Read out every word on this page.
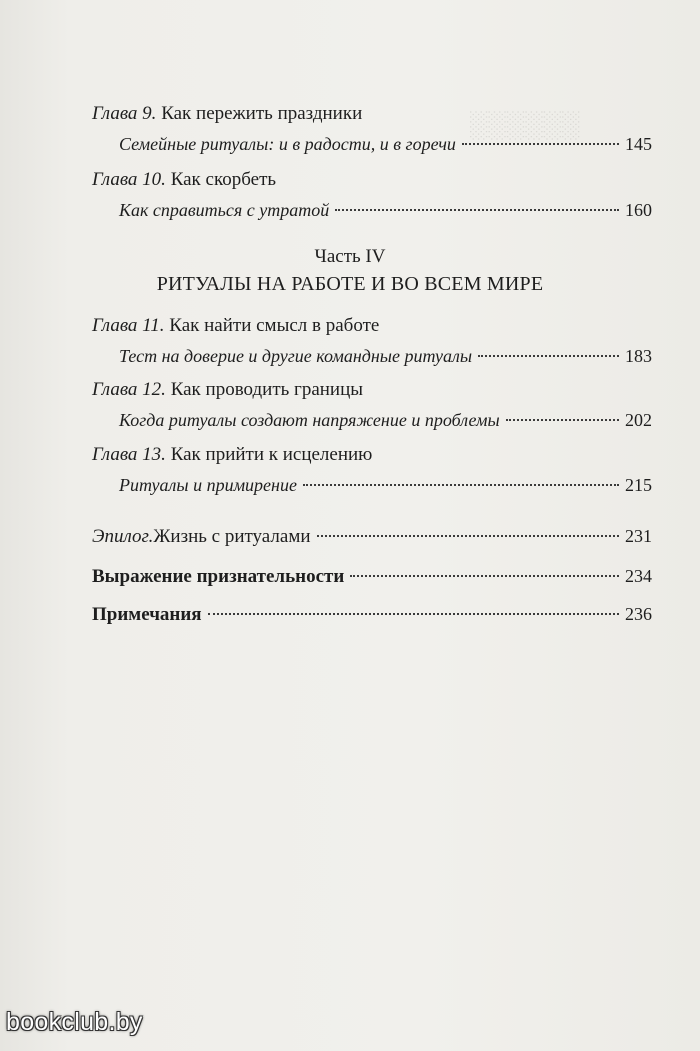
░░░░░░
Глава 9. Как пережить праздники
Семейные ритуалы: и в радости, и в горечи	145
Глава 10. Как скорбеть
Как справиться с утратой	160
Часть IV
РИТУАЛЫ НА РАБОТЕ И ВО ВСЕМ МИРЕ
Глава 11. Как найти смысл в работе
Тест на доверие и другие командные ритуалы	183
Глава 12. Как проводить границы
Когда ритуалы создают напряжение и проблемы	202
Глава 13. Как прийти к исцелению
Ритуалы и примирение	215
Эпилог. Жизнь с ритуалами	231
Выражение признательности	234
Примечания	236
bookclub.by
